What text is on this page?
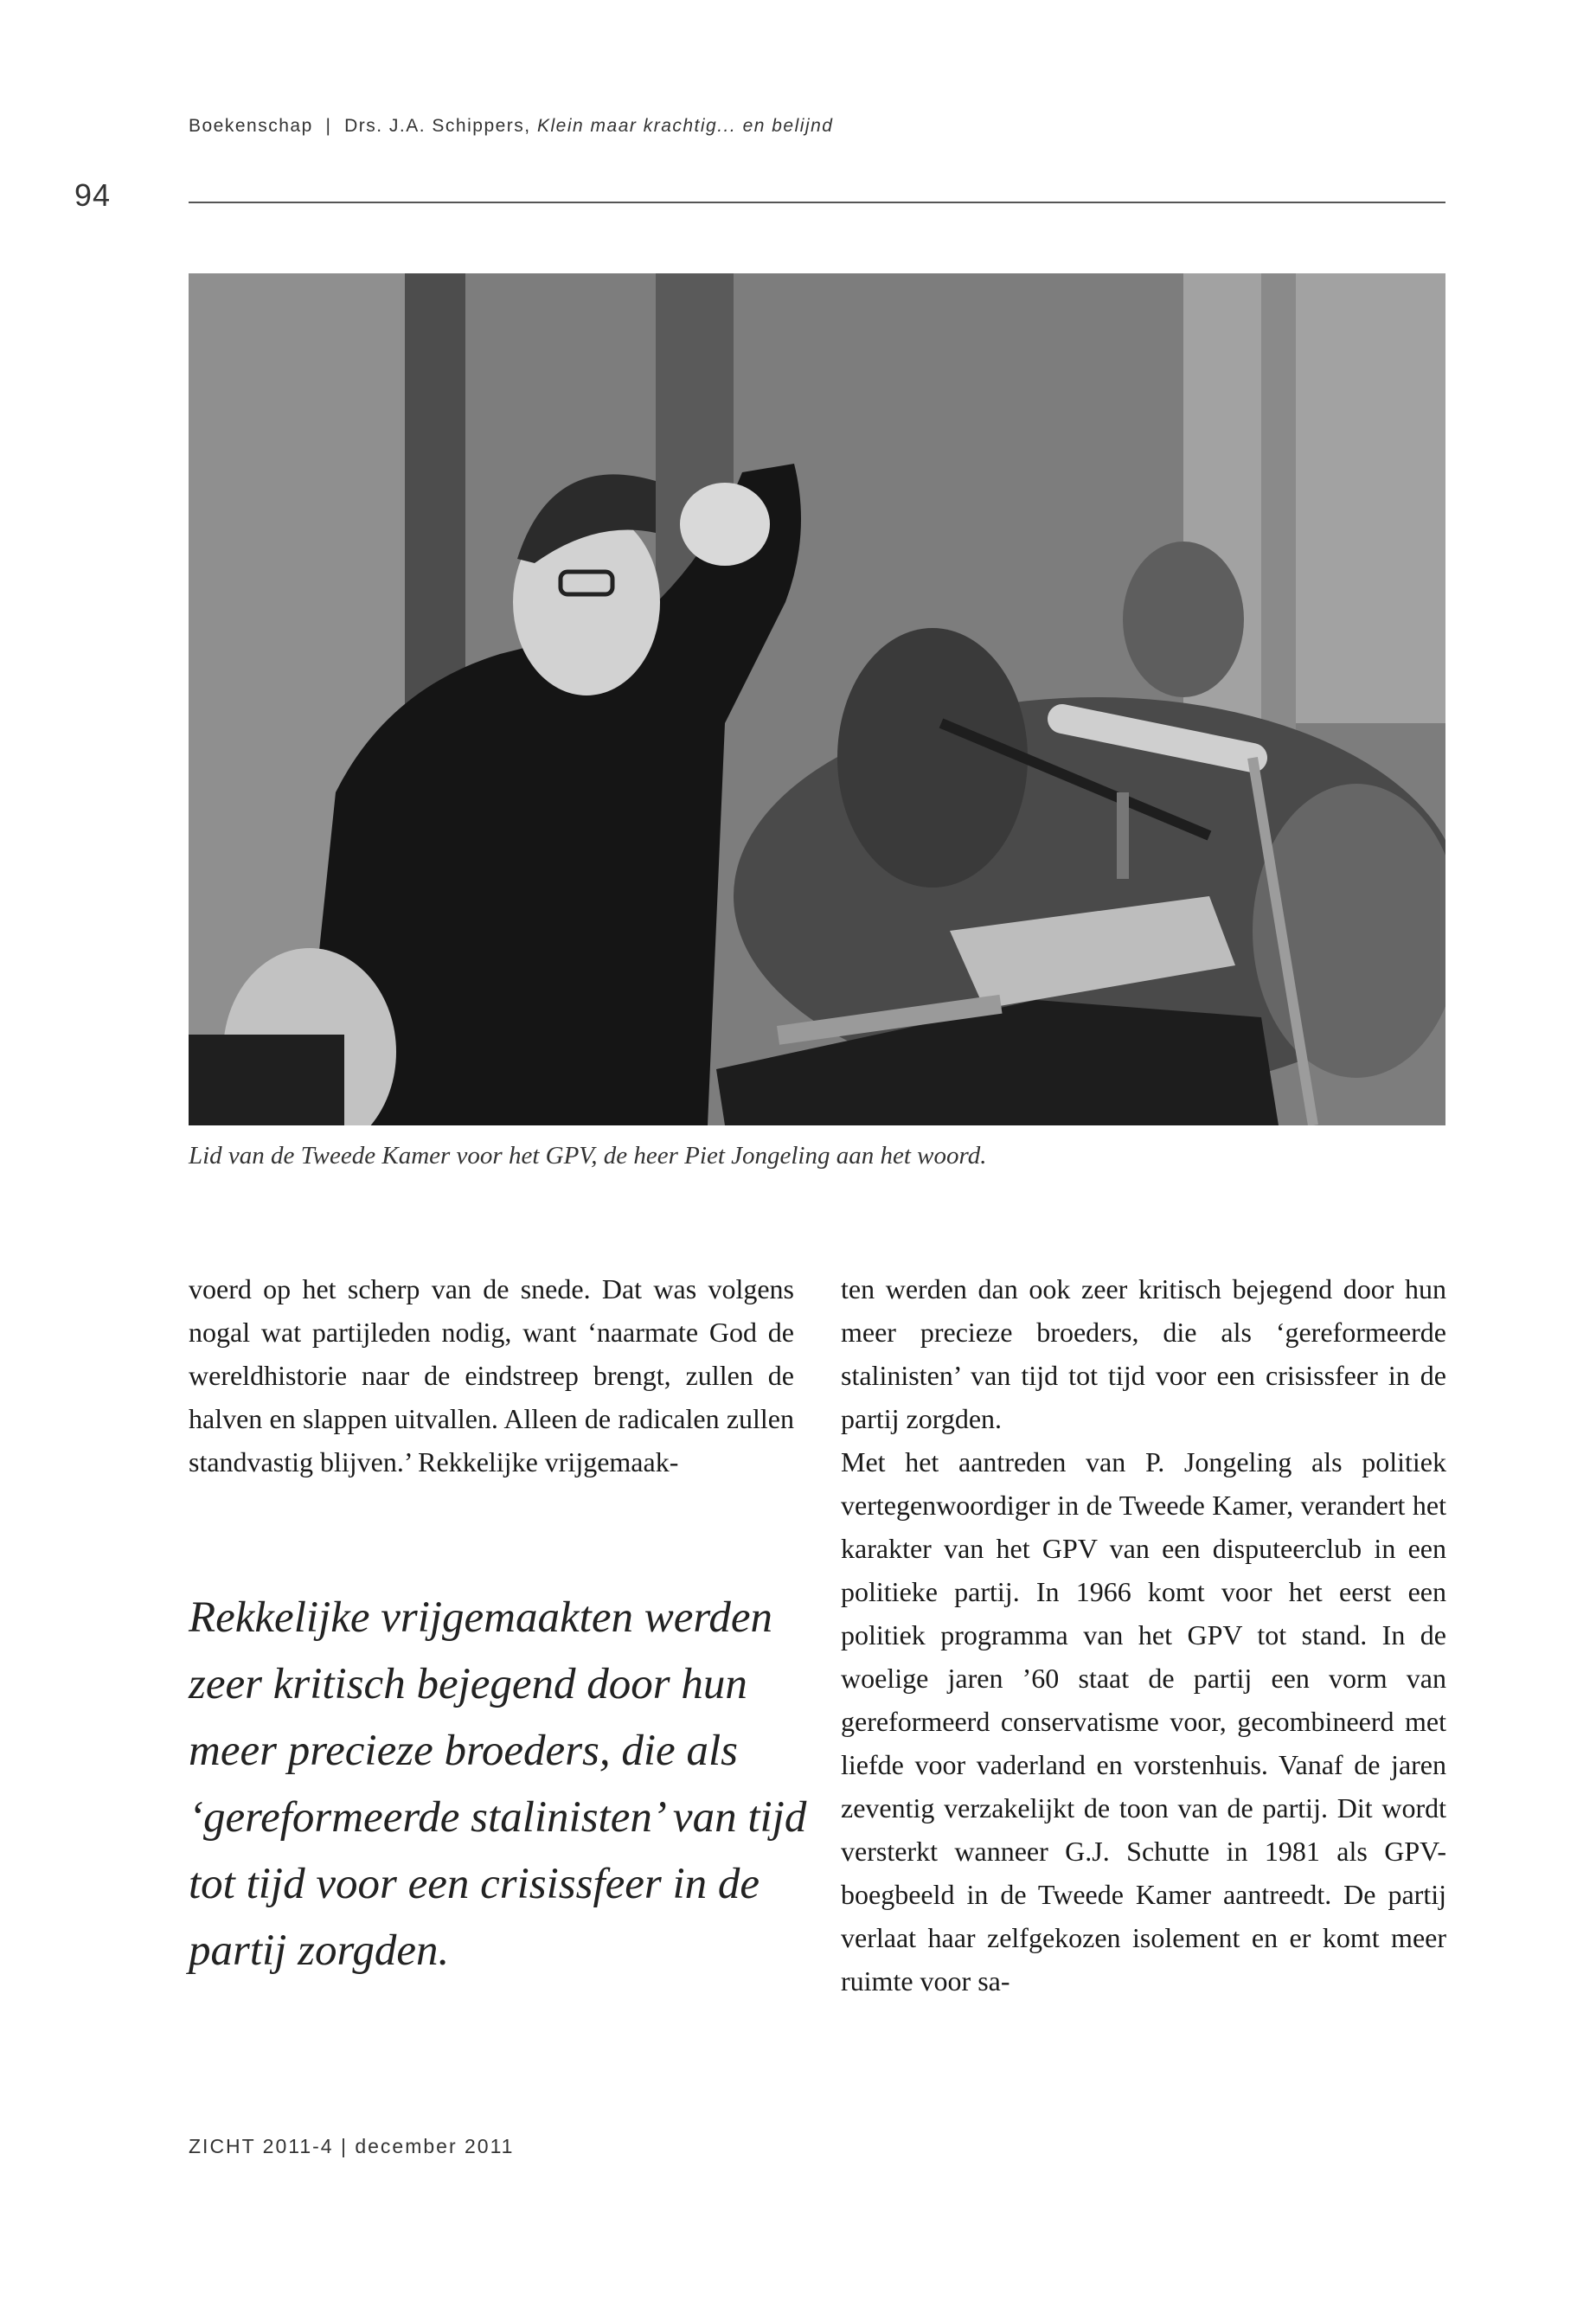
Boekenschap | Drs. J.A. Schippers, Klein maar krachtig... en belijnd
94
Lid van de Tweede Kamer voor het GPV, de heer Piet Jongeling aan het woord.

voerd op het scherp van de snede. Dat was volgens nogal wat partijleden nodig, want ‘naarmate God de wereldhistorie naar de eindstreep brengt, zullen de halven en slappen uitvallen. Alleen de radicalen zullen standvastig blijven.’ Rekkelijke vrijgemaak-

Rekkelijke vrijgemaakten werden zeer kritisch bejegend door hun meer precieze broeders, die als ‘gereformeerde stalinisten’ van tijd tot tijd voor een crisissfeer in de partij zorgden.

ten werden dan ook zeer kritisch bejegend door hun meer precieze broeders, die als ‘gereformeerde stalinisten’ van tijd tot tijd voor een crisissfeer in de partij zorgden.

Met het aantreden van P. Jongeling als politiek vertegenwoordiger in de Tweede Kamer, verandert het karakter van het GPV van een disputeerclub in een politieke partij. In 1966 komt voor het eerst een politiek programma van het GPV tot stand. In de woelige jaren ’60 staat de partij een vorm van gereformeerd conservatisme voor, gecombineerd met liefde voor vaderland en vorstenhuis. Vanaf de jaren zeventig verzakelijkt de toon van de partij. Dit wordt versterkt wanneer G.J. Schutte in 1981 als GPV-boegbeeld in de Tweede Kamer aantreedt. De partij verlaat haar zelfgekozen isolement en er komt meer ruimte voor sa-

ZICHT 2011-4 | december 2011
